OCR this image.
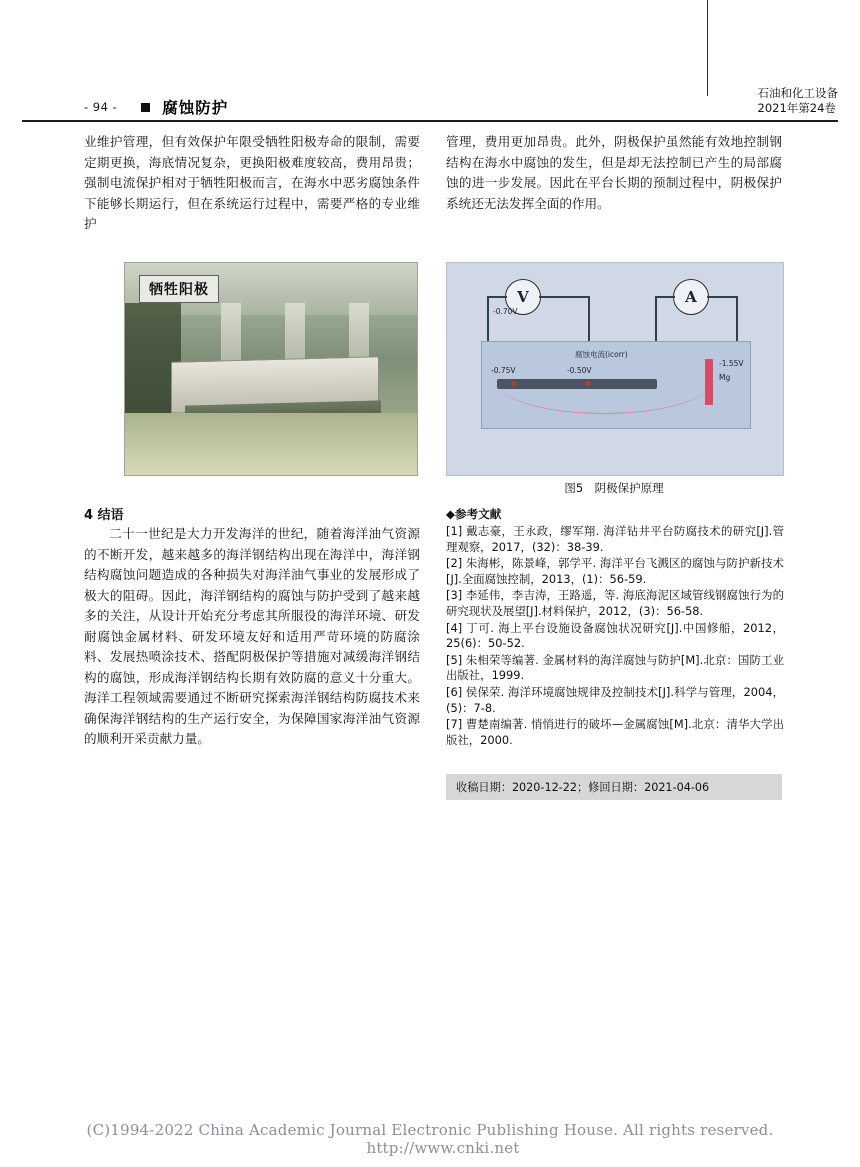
石油和化工设备
2021年第24卷
- 94 -	腐蚀防护

业维护管理，但有效保护年限受牺牲阳极寿命的限制，需要定期更换，海底情况复杂，更换阳极难度较高，费用昂贵；强制电流保护相对于牺牲阳极而言，在海水中恶劣腐蚀条件下能够长期运行，但在系统运行过程中，需要严格的专业维护

管理，费用更加昂贵。此外，阴极保护虽然能有效地控制钢结构在海水中腐蚀的发生，但是却无法控制已产生的局部腐蚀的进一步发展。因此在平台长期的预制过程中，阴极保护系统还无法发挥全面的作用。

牺牲阳极	V	A
-0.70V
腐蚀电流(icorr)
-0.75V	-0.50V
-1.55V
Mg
图5　阴极保护原理
4 结语

二十一世纪是大力开发海洋的世纪，随着海洋油气资源的不断开发，越来越多的海洋钢结构出现在海洋中，海洋钢结构腐蚀问题造成的各种损失对海洋油气事业的发展形成了极大的阻碍。因此，海洋钢结构的腐蚀与防护受到了越来越多的关注，从设计开始充分考虑其所服役的海洋环境、研发耐腐蚀金属材料、研发环境友好和适用严苛环境的防腐涂料、发展热喷涂技术、搭配阴极保护等措施对减缓海洋钢结构的腐蚀，形成海洋钢结构长期有效防腐的意义十分重大。海洋工程领域需要通过不断研究探索海洋钢结构防腐技术来确保海洋钢结构的生产运行安全，为保障国家海洋油气资源的顺利开采贡献力量。

◆参考文献
[1] 戴志豪，王永政，缪军翔. 海洋钻井平台防腐技术的研究[J].管理观察，2017，(32)：38-39.
[2] 朱海彬，陈景峰，郭学平. 海洋平台飞溅区的腐蚀与防护新技术[J].全面腐蚀控制，2013，(1)：56-59.
[3] 李延伟，李吉涛，王路遥，等. 海底海泥区域管线钢腐蚀行为的研究现状及展望[J].材料保护，2012，(3)：56-58.
[4] 丁可. 海上平台设施设备腐蚀状况研究[J].中国修船，2012，25(6)：50-52.
[5] 朱相荣等编著. 金属材料的海洋腐蚀与防护[M].北京：国防工业出版社，1999.
[6] 侯保荣. 海洋环境腐蚀规律及控制技术[J].科学与管理，2004，(5)：7-8.
[7] 曹楚南编著. 悄悄进行的破坏—金属腐蚀[M].北京：清华大学出版社，2000.
收稿日期：2020-12-22；修回日期：2021-04-06
(C)1994-2022 China Academic Journal Electronic Publishing House. All rights reserved. http://www.cnki.net
